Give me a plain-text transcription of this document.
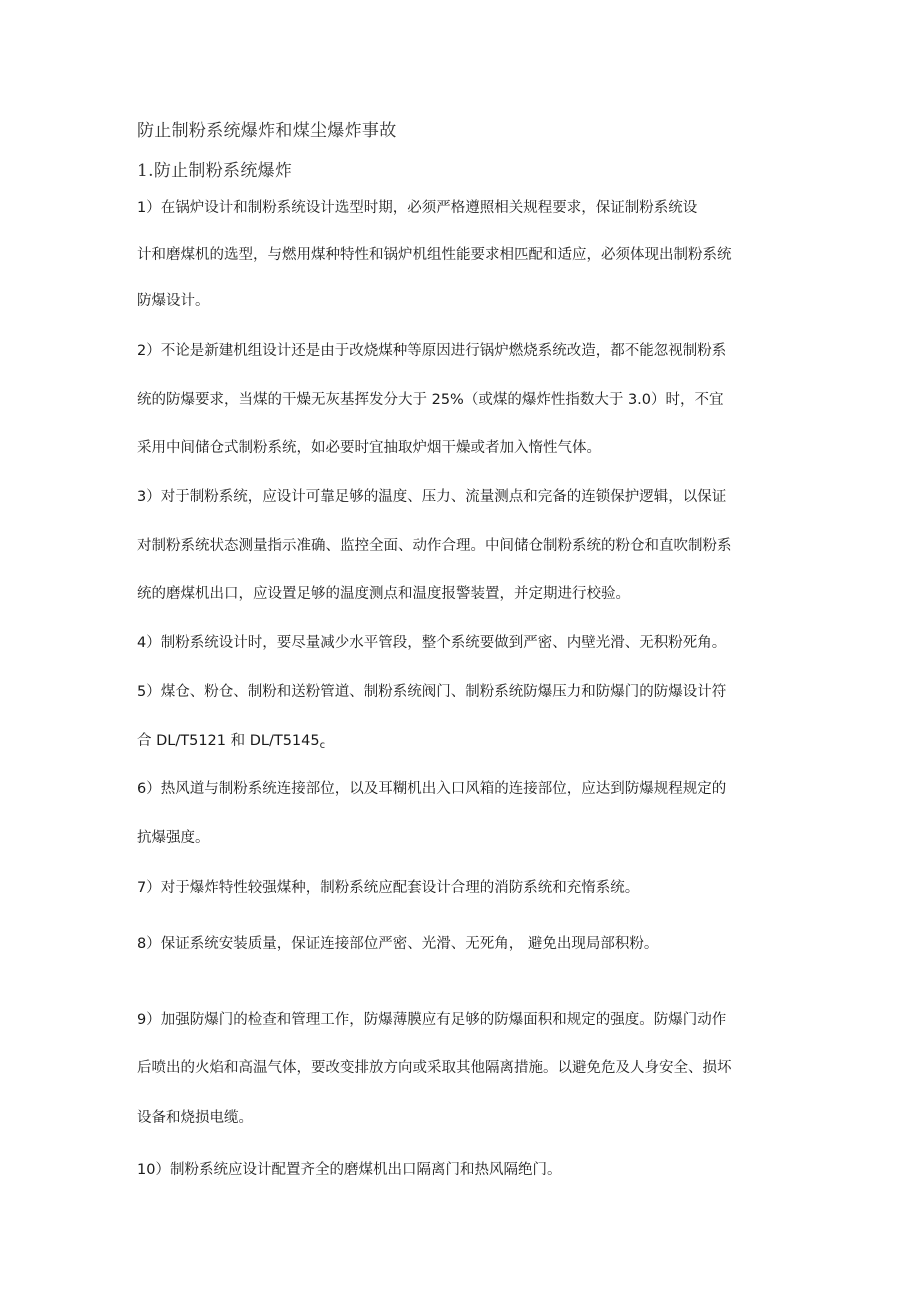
防止制粉系统爆炸和煤尘爆炸事故
1.防止制粉系统爆炸
1）在锅炉设计和制粉系统设计选型时期，必须严格遵照相关规程要求，保证制粉系统设
计和磨煤机的选型，与燃用煤种特性和锅炉机组性能要求相匹配和适应，必须体现出制粉系统
防爆设计。
2）不论是新建机组设计还是由于改烧煤种等原因进行锅炉燃烧系统改造，都不能忽视制粉系
统的防爆要求，当煤的干燥无灰基挥发分大于 25%（或煤的爆炸性指数大于 3.0）时，不宜
采用中间储仓式制粉系统，如必要时宜抽取炉烟干燥或者加入惰性气体。
3）对于制粉系统，应设计可靠足够的温度、压力、流量测点和完备的连锁保护逻辑，以保证
对制粉系统状态测量指示准确、监控全面、动作合理。中间储仓制粉系统的粉仓和直吹制粉系
统的磨煤机出口，应设置足够的温度测点和温度报警装置，并定期进行校验。
4）制粉系统设计时，要尽量减少水平管段，整个系统要做到严密、内壁光滑、无积粉死角。
5）煤仓、粉仓、制粉和送粉管道、制粉系统阀门、制粉系统防爆压力和防爆门的防爆设计符
合 DL/T5121 和 $DL/T5145_c$
6）热风道与制粉系统连接部位，以及耳糊机出入口风箱的连接部位，应达到防爆规程规定的
抗爆强度。
7）对于爆炸特性较强煤种，制粉系统应配套设计合理的消防系统和充惰系统。
8）保证系统安装质量，保证连接部位严密、光滑、无死角， 避免出现局部积粉。
9）加强防爆门的检查和管理工作，防爆薄膜应有足够的防爆面积和规定的强度。防爆门动作
后喷出的火焰和高温气体，要改变排放方向或采取其他隔离措施。以避免危及人身安全、损坏
设备和烧损电缆。
10）制粉系统应设计配置齐全的磨煤机出口隔离门和热风隔绝门。
